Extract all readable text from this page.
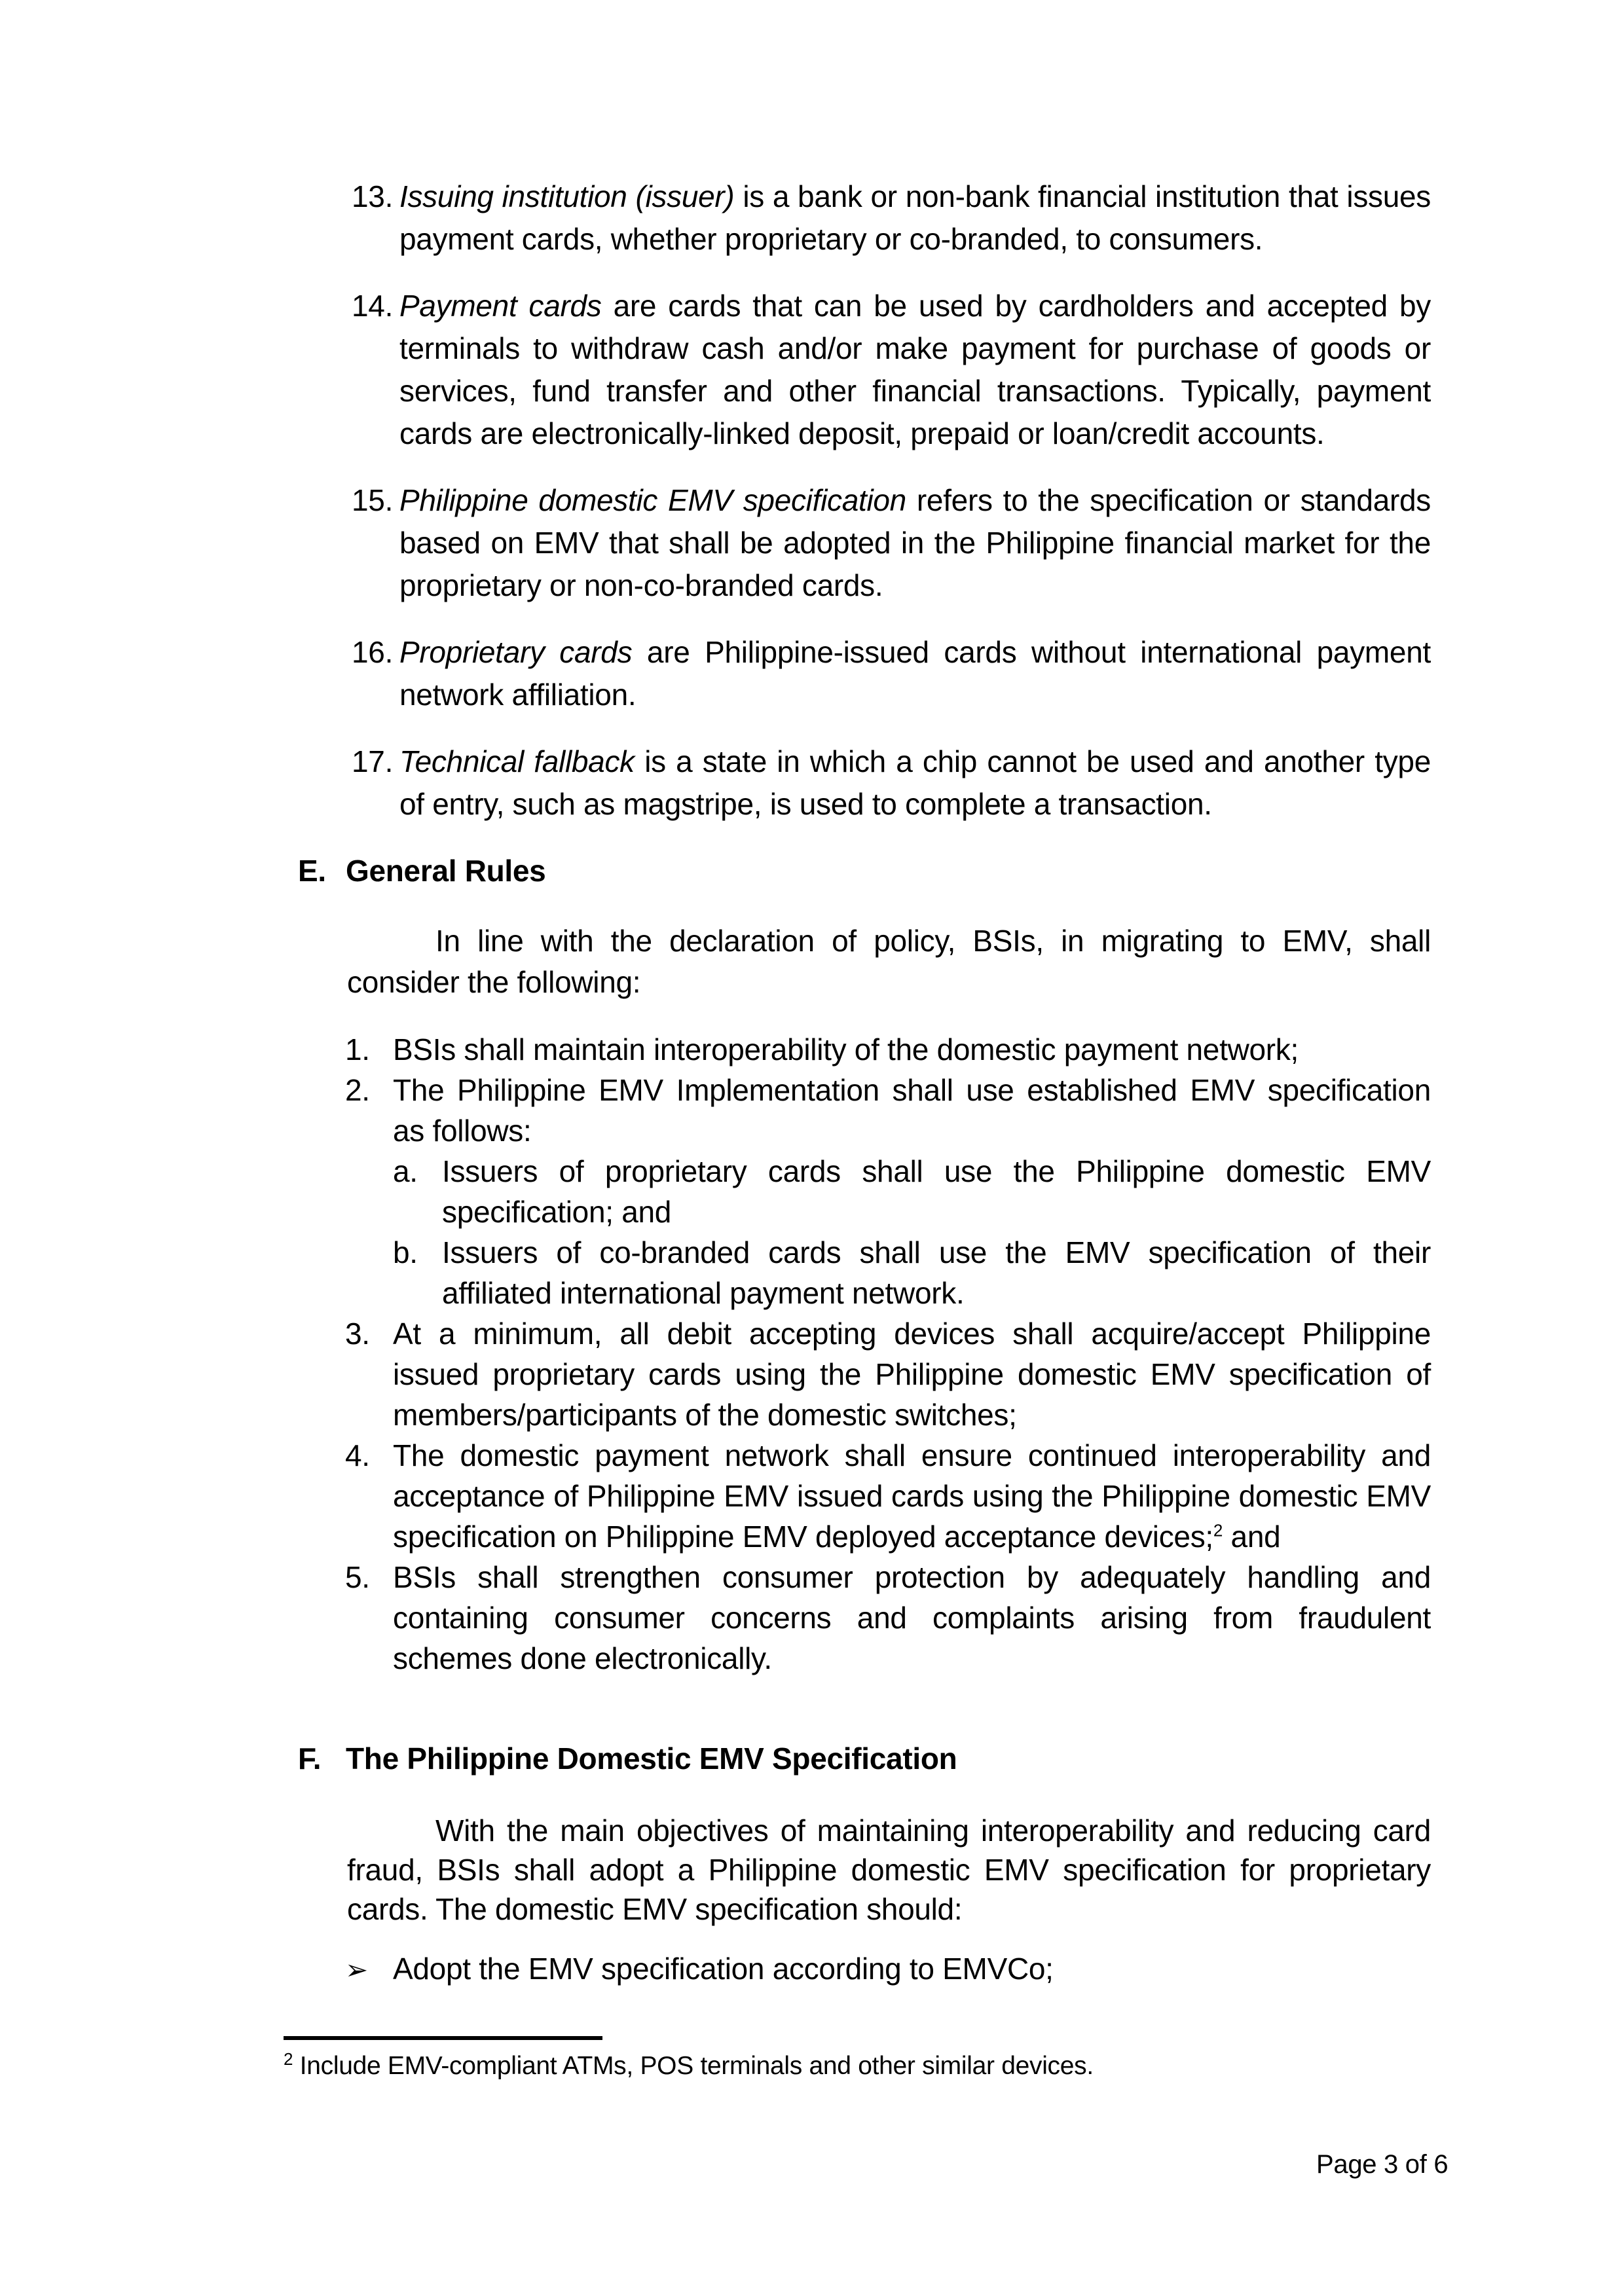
13. Issuing institution (issuer) is a bank or non-bank financial institution that issues payment cards, whether proprietary or co-branded, to consumers.
14. Payment cards are cards that can be used by cardholders and accepted by terminals to withdraw cash and/or make payment for purchase of goods or services, fund transfer and other financial transactions. Typically, payment cards are electronically-linked deposit, prepaid or loan/credit accounts.
15. Philippine domestic EMV specification refers to the specification or standards based on EMV that shall be adopted in the Philippine financial market for the proprietary or non-co-branded cards.
16. Proprietary cards are Philippine-issued cards without international payment network affiliation.
17. Technical fallback is a state in which a chip cannot be used and another type of entry, such as magstripe, is used to complete a transaction.
E. General Rules
In line with the declaration of policy, BSIs, in migrating to EMV, shall consider the following:
1. BSIs shall maintain interoperability of the domestic payment network;
2. The Philippine EMV Implementation shall use established EMV specification as follows:
a. Issuers of proprietary cards shall use the Philippine domestic EMV specification; and
b. Issuers of co-branded cards shall use the EMV specification of their affiliated international payment network.
3. At a minimum, all debit accepting devices shall acquire/accept Philippine issued proprietary cards using the Philippine domestic EMV specification of members/participants of the domestic switches;
4. The domestic payment network shall ensure continued interoperability and acceptance of Philippine EMV issued cards using the Philippine domestic EMV specification on Philippine EMV deployed acceptance devices;$^2$ and
5. BSIs shall strengthen consumer protection by adequately handling and containing consumer concerns and complaints arising from fraudulent schemes done electronically.
F. The Philippine Domestic EMV Specification
With the main objectives of maintaining interoperability and reducing card fraud, BSIs shall adopt a Philippine domestic EMV specification for proprietary cards. The domestic EMV specification should:
➢ Adopt the EMV specification according to EMVCo;
$^2$ Include EMV-compliant ATMs, POS terminals and other similar devices.
Page 3 of 6
